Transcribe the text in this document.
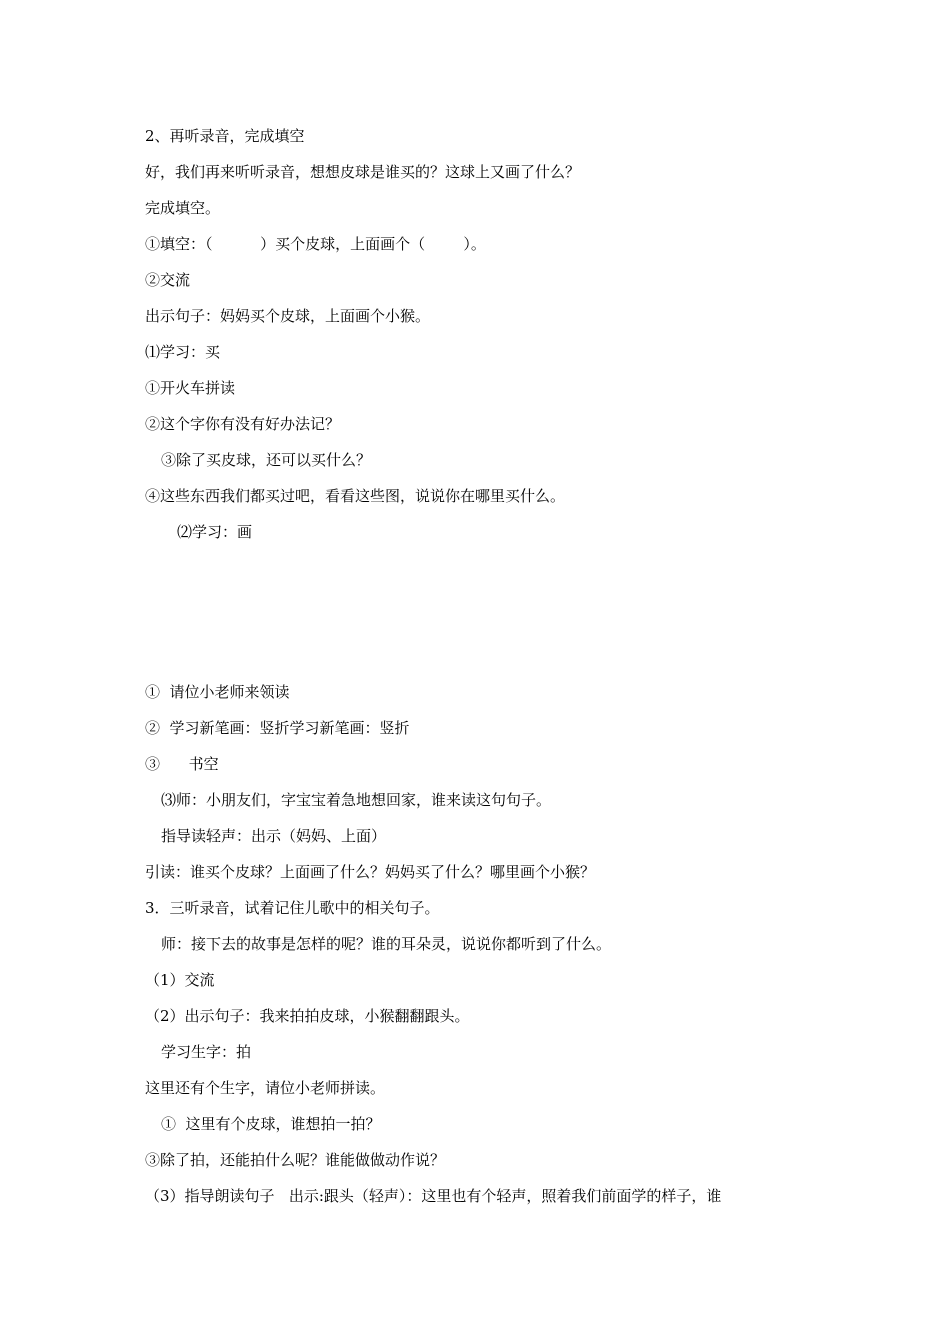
2、再听录音，完成填空
好，我们再来听听录音，想想皮球是谁买的？这球上又画了什么？
完成填空。
①填空：（          ）买个皮球，上面画个（        ）。
②交流
出示句子：妈妈买个皮球，上面画个小猴。
⑴学习：买
①开火车拼读
②这个字你有没有好办法记？
③除了买皮球，还可以买什么？
④这些东西我们都买过吧，看看这些图，说说你在哪里买什么。
⑵学习：画
①  请位小老师来领读
②  学习新笔画：竖折学习新笔画：竖折
③      书空
⑶师：小朋友们，字宝宝着急地想回家，谁来读这句句子。
指导读轻声：出示（妈妈、上面）
引读：谁买个皮球？上面画了什么？妈妈买了什么？哪里画个小猴？
3．三听录音，试着记住儿歌中的相关句子。
师：接下去的故事是怎样的呢？谁的耳朵灵，说说你都听到了什么。
（1）交流
（2）出示句子：我来拍拍皮球，小猴翻翻跟头。
学习生字：拍
这里还有个生字，请位小老师拼读。
①  这里有个皮球，谁想拍一拍？
③除了拍，还能拍什么呢？谁能做做动作说？
（3）指导朗读句子   出示:跟头（轻声）：这里也有个轻声，照着我们前面学的样子，谁
